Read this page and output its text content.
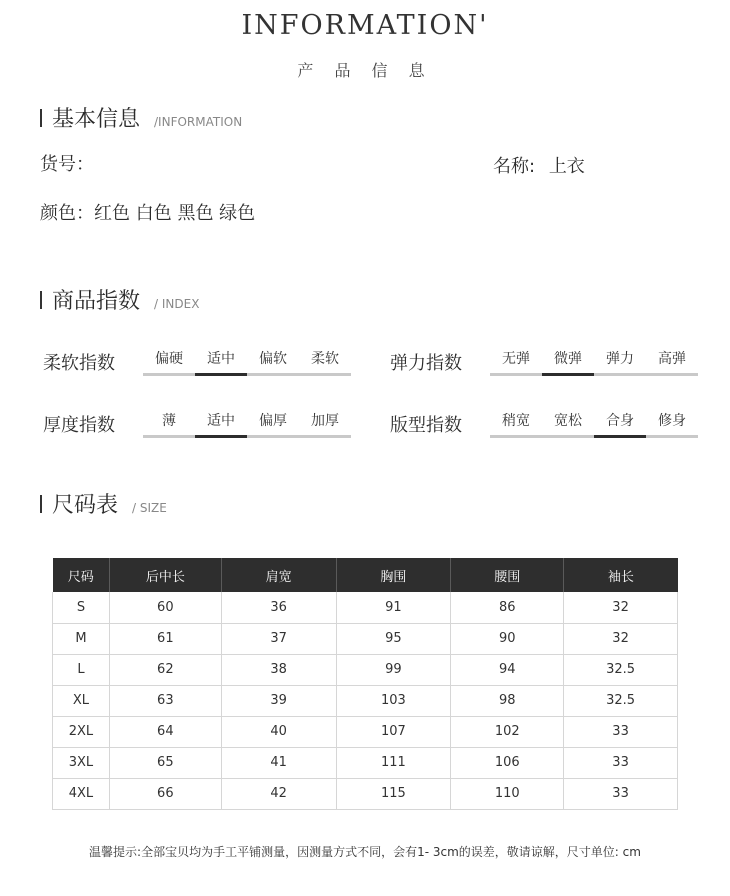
INFORMATION'
产 品 信 息
基本信息 /INFORMATION
货号：	名称: 上衣
颜色：红色 白色 黑色 绿色
商品指数 / INDEX
柔软指数	偏硬	适中	偏软	柔软	弹力指数	无弹	微弹	弹力	高弹
厚度指数	薄	适中	偏厚	加厚	版型指数	稍宽	宽松	合身	修身
尺码表 / SIZE
尺码	后中长	肩宽	胸围	腰围	袖长
S	60	36	91	86	32
M	61	37	95	90	32
L	62	38	99	94	32.5
XL	63	39	103	98	32.5
2XL	64	40	107	102	33
3XL	65	41	111	106	33
4XL	66	42	115	110	33
温馨提示:全部宝贝均为手工平铺测量，因测量方式不同，会有1- 3cm的误差，敬请谅解，尺寸单位: cm
